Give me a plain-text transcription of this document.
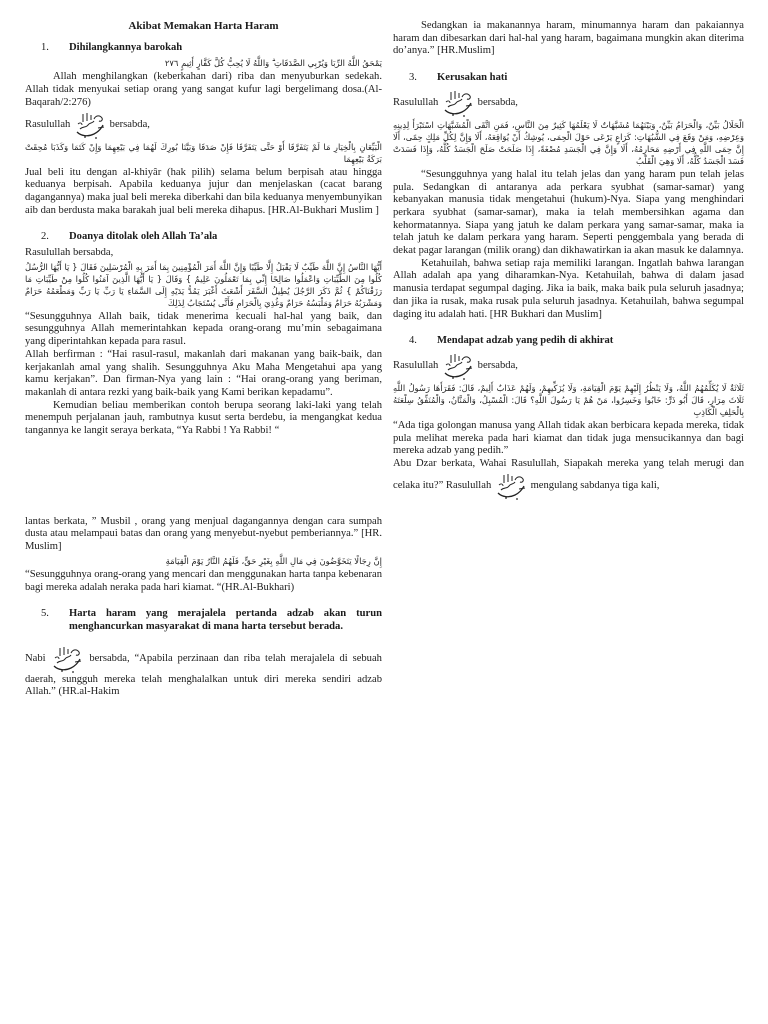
Akibat Memakan Harta Haram

1.	Dihilangkannya barokah

يَمْحَقُ اللَّهُ الرِّبَا وَيُرْبِي الصَّدَقَاتِ ۗ وَاللَّهُ لَا يُحِبُّ كُلَّ كَفَّارٍ أَثِيمٍ ٢٧٦

Allah menghilangkan (keberkahan dari) riba dan menyuburkan sedekah. Allah tidak menyukai setiap orang yang sangat kufur lagi bergelimang dosa.(Al-Baqarah/2:276)

Rasulullah	bersabda,

الْبَيِّعَانِ بِالْخِيَارِ مَا لَمْ يَتَفَرَّقَا أَوْ حَتَّى يَتَفَرَّقَا فَإِنْ صَدَقَا وَبَيَّنَا بُورِكَ لَهُمَا فِي بَيْعِهِمَا وَإِنْ كَتَمَا وَكَذَبَا مُحِقَتْ بَرَكَةُ بَيْعِهِمَا

Jual beli itu dengan al-khiyâr (hak pilih) selama belum berpisah atau hingga keduanya berpisah. Apabila keduanya jujur dan menjelaskan (cacat barang dagangannya) maka jual beli mereka diberkahi dan bila keduanya menyembunyikan aib dan berdusta maka barakah jual beli mereka dihapus. [HR.Al-Bukhari Muslim ]

2.	Doanya ditolak oleh Allah Ta’ala

Rasulullah bersabda,

أَيُّهَا النَّاسُ إِنَّ اللَّهَ طَيِّبٌ لَا يَقْبَلُ إِلَّا طَيِّبًا وَإِنَّ اللَّهَ أَمَرَ الْمُؤْمِنِينَ بِمَا أَمَرَ بِهِ الْمُرْسَلِينَ فَقَالَ { يَا أَيُّهَا الرُّسُلُ كُلُوا مِنَ الطَّيِّبَاتِ وَاعْمَلُوا صَالِحًا إِنِّي بِمَا تَعْمَلُونَ عَلِيمٌ } وَقَالَ { يَا أَيُّهَا الَّذِينَ آمَنُوا كُلُوا مِنْ طَيِّبَاتِ مَا رَزَقْنَاكُمْ } ثُمَّ ذَكَرَ الرَّجُلَ يُطِيلُ السَّفَرَ أَشْعَثَ أَغْبَرَ يَمُدُّ يَدَيْهِ إِلَى السَّمَاءِ يَا رَبِّ يَا رَبِّ وَمَطْعَمُهُ حَرَامٌ وَمَشْرَبُهُ حَرَامٌ وَمَلْبَسُهُ حَرَامٌ وَغُذِيَ بِالْحَرَامِ فَأَنَّى يُسْتَجَابُ لِذَلِكَ

“Sesungguhnya Allah baik, tidak menerima kecuali hal-hal yang baik, dan sesungguhnya Allah memerintahkan kepada orang-orang mu’min sebagaimana yang diperintahkan kepada para rasul.

Allah berfirman : “Hai rasul-rasul, makanlah dari makanan yang baik-baik, dan kerjakanlah amal yang shalih. Sesungguhnya Aku Maha Mengetahui apa yang kamu kerjakan”. Dan firman-Nya yang lain : “Hai orang-orang yang beriman, makanlah di antara rezki yang baik-baik yang Kami berikan kepadamu”.

Kemudian beliau memberikan contoh berupa seorang laki-laki yang telah menempuh perjalanan jauh, rambutnya kusut serta berdebu, ia mengangkat kedua tangannya ke langit seraya berkata, “Ya Rabbi ! Ya Rabbi! “

lantas berkata, ” Musbil , orang yang menjual dagangannya dengan cara sumpah dusta atau melampaui batas dan orang yang menyebut-nyebut pemberiannya.” [HR. Muslim]

إِنَّ رِجَالًا يَتَخَوَّضُونَ فِي مَالِ اللَّهِ بِغَيْرِ حَقٍّ، فَلَهُمُ النَّارُ يَوْمَ الْقِيَامَةِ

“Sesungguhnya orang-orang yang mencari dan menggunakan harta tanpa kebenaran bagi mereka adalah neraka pada hari kiamat. “(HR.Al-Bukhari)

5.	Harta haram yang merajalela pertanda adzab akan turun menghancurkan masyarakat di mana harta tersebut berada.

Nabi	bersabda, “Apabila perzinaan dan riba telah merajalela di sebuah daerah, sungguh mereka telah menghalalkan untuk diri mereka sendiri adzab Allah.” (HR.al-Hakim

Sedangkan ia makanannya haram, minumannya haram dan pakaiannya haram dan dibesarkan dari hal-hal yang haram, bagaimana mungkin akan diterima do’anya.” [HR.Muslim]

3.	Kerusakan hati

Rasulullah	bersabda,

الْحَلَالُ بَيِّنٌ، وَالْحَرَامُ بَيِّنٌ، وَبَيْنَهُمَا مُشَبَّهَاتٌ لَا يَعْلَمُهَا كَثِيرٌ مِنَ النَّاسِ، فَمَنِ اتَّقَى الْمُشَبَّهَاتِ اسْتَبْرَأَ لِدِينِهِ وَعِرْضِهِ، وَمَنْ وَقَعَ فِي الشُّبُهَاتِ: كَرَاعٍ يَرْعَى حَوْلَ الْحِمَى، يُوشِكُ أَنْ يُوَاقِعَهُ، أَلَا وَإِنَّ لِكُلِّ مَلِكٍ حِمًى، أَلَا إِنَّ حِمَى اللَّهِ فِي أَرْضِهِ مَحَارِمُهُ، أَلَا وَإِنَّ فِي الْجَسَدِ مُضْغَةً، إِذَا صَلَحَتْ صَلَحَ الْجَسَدُ كُلُّهُ، وَإِذَا فَسَدَتْ فَسَدَ الْجَسَدُ كُلُّهُ، أَلَا وَهِيَ الْقَلْبُ

“Sesungguhnya yang halal itu telah jelas dan yang haram pun telah jelas pula. Sedangkan di antaranya ada perkara syubhat (samar-samar) yang kebanyakan manusia tidak mengetahui (hukum)-Nya. Siapa yang menghindari perkara syubhat (samar-samar), maka ia telah membersihkan agama dan kehormatannya. Siapa yang jatuh ke dalam perkara yang samar-samar, maka ia telah jatuh ke dalam perkara yang haram. Seperti penggembala yang berada di dekat pagar larangan (milik orang) dan dikhawatirkan ia akan masuk ke dalamnya.

Ketahuilah, bahwa setiap raja memiliki larangan. Ingatlah bahwa larangan Allah adalah apa yang diharamkan-Nya. Ketahuilah, bahwa di dalam jasad manusia terdapat segumpal daging. Jika ia baik, maka baik pula seluruh jasadnya; dan jika ia rusak, maka rusak pula seluruh jasadnya. Ketahuilah, bahwa segumpal daging itu adalah hati. [HR Bukhari dan Muslim]

4.	Mendapat adzab yang pedih di akhirat

Rasulullah	bersabda,

ثَلَاثَةٌ لَا يُكَلِّمُهُمُ اللَّهُ، وَلَا يَنْظُرُ إِلَيْهِمْ يَوْمَ الْقِيَامَةِ، وَلَا يُزَكِّيهِمْ، وَلَهُمْ عَذَابٌ أَلِيمٌ، قَالَ: فَقَرَأَهَا رَسُولُ اللَّهِ ثَلَاثَ مِرَارٍ، قَالَ أَبُو ذَرٍّ: خَابُوا وَخَسِرُوا، مَنْ هُمْ يَا رَسُولَ اللَّهِ؟ قَالَ: الْمُسْبِلُ، وَالْمَنَّانُ، وَالْمُنَفِّقُ سِلْعَتَهُ بِالْحَلِفِ الْكَاذِبِ

“Ada tiga golongan manusa yang Allah tidak akan berbicara kepada mereka, tidak pula melihat mereka pada hari kiamat dan tidak juga mensucikannya dan bagi mereka adzab yang pedih.”

Abu Dzar berkata, Wahai Rasulullah, Siapakah mereka yang telah merugi dan celaka itu?” Rasulullah	mengulang sabdanya tiga kali,
